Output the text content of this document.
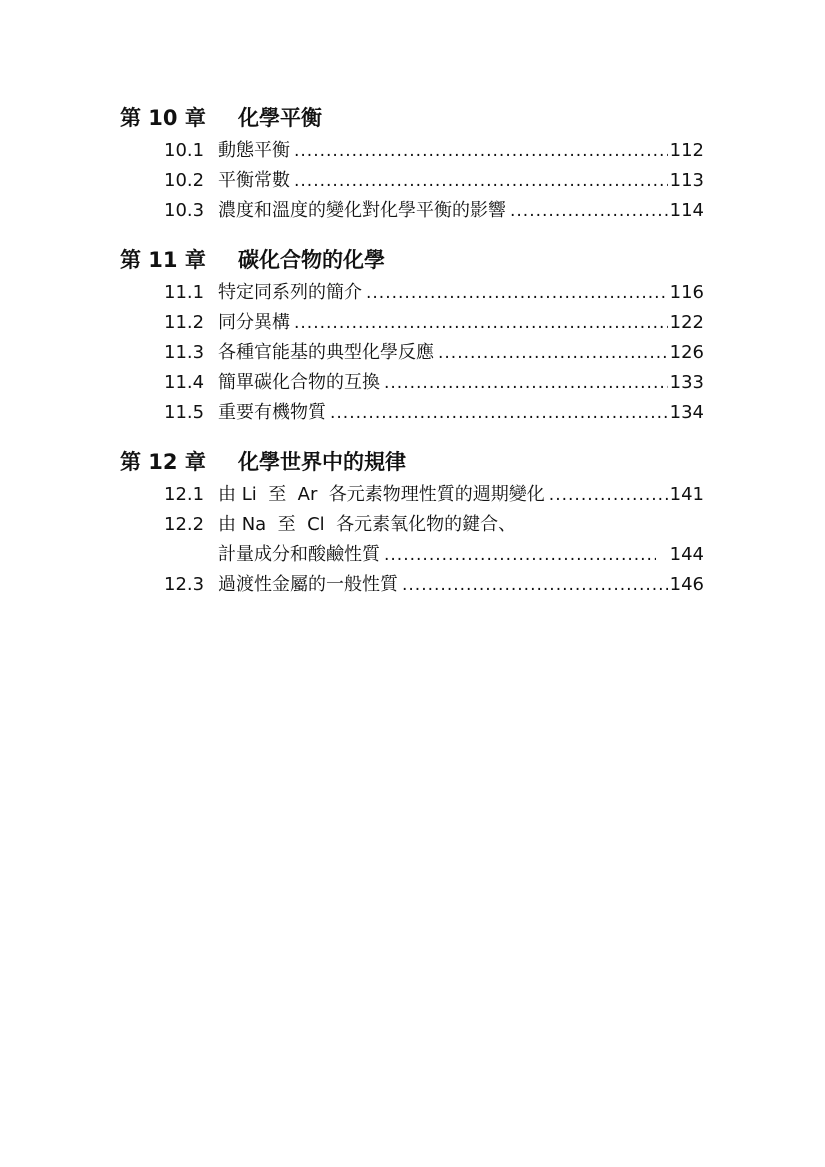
第 10 章 化學平衡
10.1 動態平衡 .....	112
10.2 平衡常數 .....	113
10.3 濃度和溫度的變化對化學平衡的影響 .....	114
第 11 章 碳化合物的化學
11.1 特定同系列的簡介 .....	116
11.2 同分異構 .....	122
11.3 各種官能基的典型化學反應 .....	126
11.4 簡單碳化合物的互換 .....	133
11.5 重要有機物質 .....	134
第 12 章 化學世界中的規律
12.1 由 Li  至  Ar  各元素物理性質的週期變化 .....	141
12.2 由 Na  至  Cl  各元素氧化物的鍵合、
計量成分和酸鹼性質 .....	144
12.3 過渡性金屬的一般性質 .....	146
